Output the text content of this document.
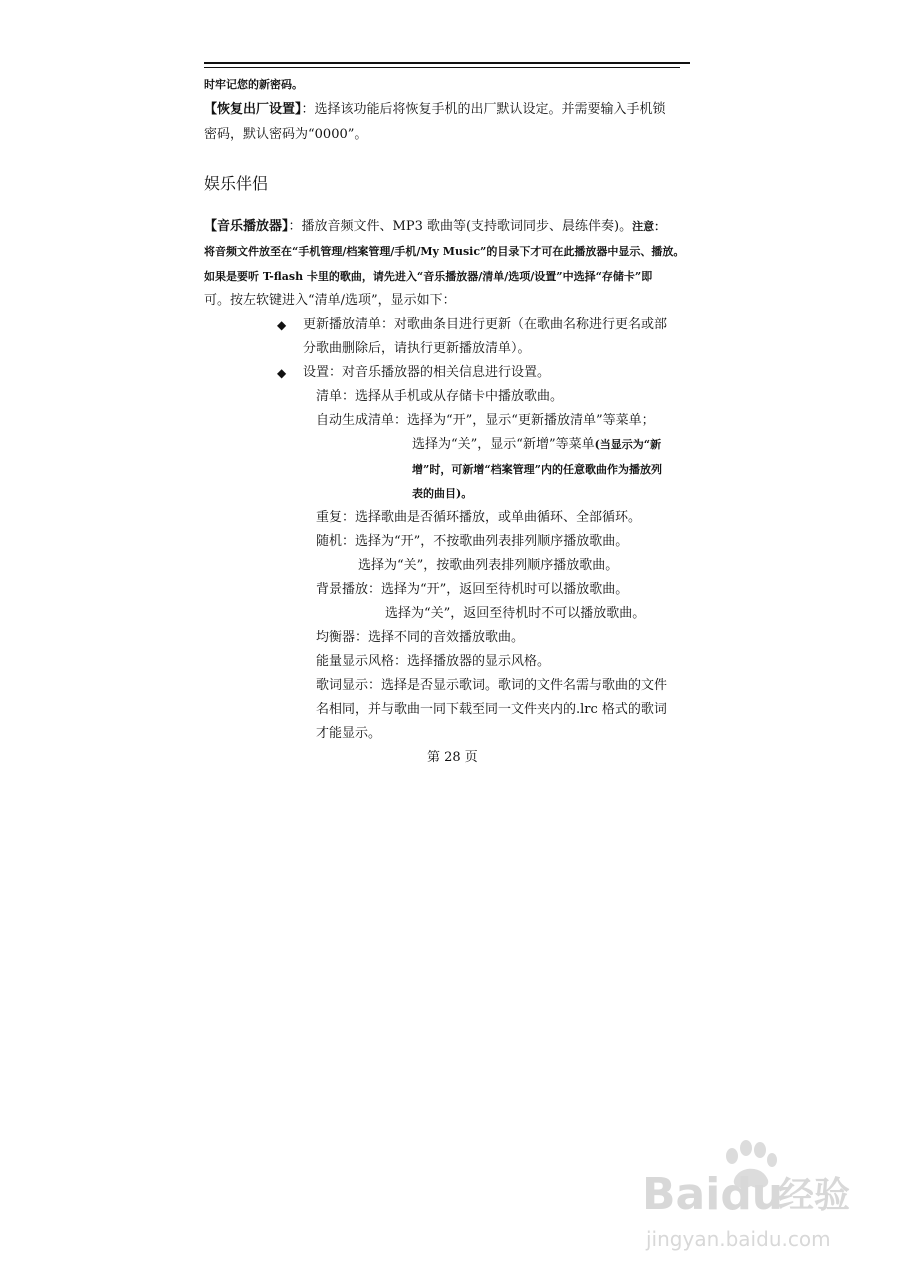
时牢记您的新密码。
【恢复出厂设置】：选择该功能后将恢复手机的出厂默认设定。并需要输入手机锁
密码，默认密码为“0000”。
娱乐伴侣
【音乐播放器】：播放音频文件、MP3 歌曲等(支持歌词同步、晨练伴奏)。注意：
将音频文件放至在“手机管理/档案管理/手机/My Music”的目录下才可在此播放器中显示、播放。
如果是要听 T-flash 卡里的歌曲，请先进入“音乐播放器/清单/选项/设置”中选择“存储卡”即
可。按左软键进入“清单/选项”，显示如下：
◆ 更新播放清单：对歌曲条目进行更新（在歌曲名称进行更名或部
分歌曲删除后，请执行更新播放清单）。
◆ 设置：对音乐播放器的相关信息进行设置。
清单：选择从手机或从存储卡中播放歌曲。
自动生成清单：选择为“开”，显示“更新播放清单”等菜单；
选择为“关”，显示“新增”等菜单(当显示为“新
增”时，可新增“档案管理”内的任意歌曲作为播放列
表的曲目)。
重复：选择歌曲是否循环播放，或单曲循环、全部循环。
随机：选择为“开”，不按歌曲列表排列顺序播放歌曲。
选择为“关”，按歌曲列表排列顺序播放歌曲。
背景播放：选择为“开”，返回至待机时可以播放歌曲。
选择为“关”，返回至待机时不可以播放歌曲。
均衡器：选择不同的音效播放歌曲。
能量显示风格：选择播放器的显示风格。
歌词显示：选择是否显示歌词。歌词的文件名需与歌曲的文件
名相同，并与歌曲一同下载至同一文件夹内的.lrc 格式的歌词
才能显示。
第 28 页
Baidu
经验
jingyan.baidu.com
